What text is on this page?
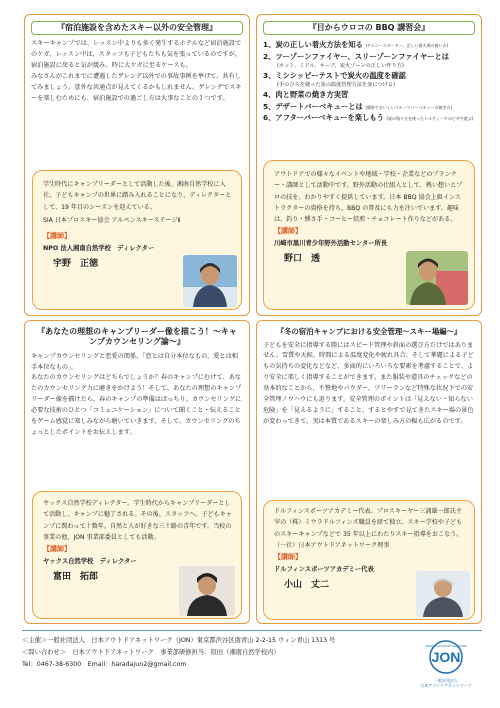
『宿泊施設を含めたスキー以外の安全管理』

スキーキャンプでは、レッスン中よりも多く発生するホテルなど宿泊施設でのケガ。レッスン中は、スタッフも子どもたちも気を張っているのですが、宿泊施設に戻ると気が緩み、時に大ケガに至るケースも。

みなさんがこれまでに遭遇したゲレンデ以外での事故事例を挙げて、共有してみましょう。意外な共通点が見えてくるかもしれません。ゲレンデでスキーを楽しむためにも、宿泊施設での過ごし方は大事なことの１つです。

学生時代にキャンプリーダーとして活動した後、湘南自然学校に入社。子どもキャンプの世界に踏み入れることになり、ディレクターとして、19 年目のシーズンを迎えている。

SIA 日本プロスキー協会 アルペンスキーステージⅡ

【講師】
NPO 法人湘南自然学校　ディレクター
宇野　正徳
『目からウロコの BBQ 講習会』
1、炭の正しい着火方法を知る (チムニースターター、正しい着火剤の使い方)
2、ツーゾーンファイヤー、スリーゾーンファイヤーとは
(ホット、ミドル、キープ、炭火ゾーンの正しい作り方)
3、ミシシッピーテストで炭火の温度を確認
(手のひらを使った炭の温度管理方法を身につける)
4、肉と野菜の焼き方実習
5、デザートバーベキューとは (簡単でおいしいフルーツバーベキューの焼き方)
6、アフターバーベキューを楽しもう (炭の残り火を使ったトルティーヤのピザで遊ぶ)

アウトドアでの様々なイベントや地域・学校・企業などのプランナー・講師として活動中です。野外活動の仕組人として、熱い想いとプロの技を、わかりやすく提供しています。日本 BBQ 協会上級インストラクターの資格を持ち、BBQ の普及にも力を注いでいます。趣味は、釣り・燻さ手・コーヒー焙煎・チョコレート作りなどがある。

【講師】
川崎市黒川青少年野外活動センター所長
野口　透
『あなたの理想のキャンプリーダー像を描こう！～キャンプカウンセリング論～』

キャンプカウンセリングと恋愛の関係。「恋とは自分本位なもの、愛とは相手本位なもの」。

あなたのカウンセリングはどちらでしょうか？春のキャンプにむけて、あなたのカウンセリング力に磨きをかけよう！そして、あなたの理想のキャンプリーダー像を描けたら、春のキャンプの準備はばっちり。カウンセリングに必要な技術のひとつ「コミュニケーション」について聞くこと・伝えることをゲーム感覚に楽しみながら磨いていきます。そして、カウンセリングのちょっとしたポイントをお伝えします。

ヤックス自然学校ディレクター。学生時代からキャンプリーダーとして活動し、キャンプに魅了される。その後、スタッフへ。子どもキャンプに関わって十数年。自然と人が好きな三十路の青年です。当校の事業の他、JON 事業部委員としても活動。

【講師】
ヤックス自然学校　ディレクター
富田　拓郎
『冬の宿泊キャンプにおける安全管理～スキー場編～』

子どもを安全に指導する際にはスピード管理や斜面の選び方だけではありません。雪質や天候、時間による温度変化や疲れ具合、そして華麗による子どもの気持ちの変化などなど、多面的にいろいろな要素を考慮することで、より安全に楽しく指導することができます。また服装や道具のチェックなどの基本的なことから、不整地やパウダー、ツリーランなど特殊な状況下での安全管理ノウハウにも迫ります。安全管理のポイントは「見えない・知らない危険」を「見えるように」すること。するとやすで見てきたスキー場の景色が変わってきて、実は本質であるスキーの楽しみ方の幅も広がるのです。

ドルフィンスポーツアカデミー代表。プロスキーヤー三浦雄一郎氏主宰の（株）ミウラドルフィンズ職員を経て独立。スキー学校や子どものスキーキャンプなどで 35 年以上にわたりスキー指導をおこなう。（一社）日本アウトドアネットワーク理事

【講師】
ドルフィンスポーツアカデミー代表
小山　丈二
＜主催＞一般社団法人　日本アウトドアネットワーク（JON）東京都渋谷区南青山 2-2-15 ウィン青山 1313 号
＜問い合わせ＞　日本アウトドアネットワーク　事業部研修担当：原田（湘南自然学校内）
Tel：0467-38-6300　Email：haradajun2@gmail.com	JON
JAPAN OUTDOOR NETWORK
一般社団法人
日本アウトドアネットワーク
